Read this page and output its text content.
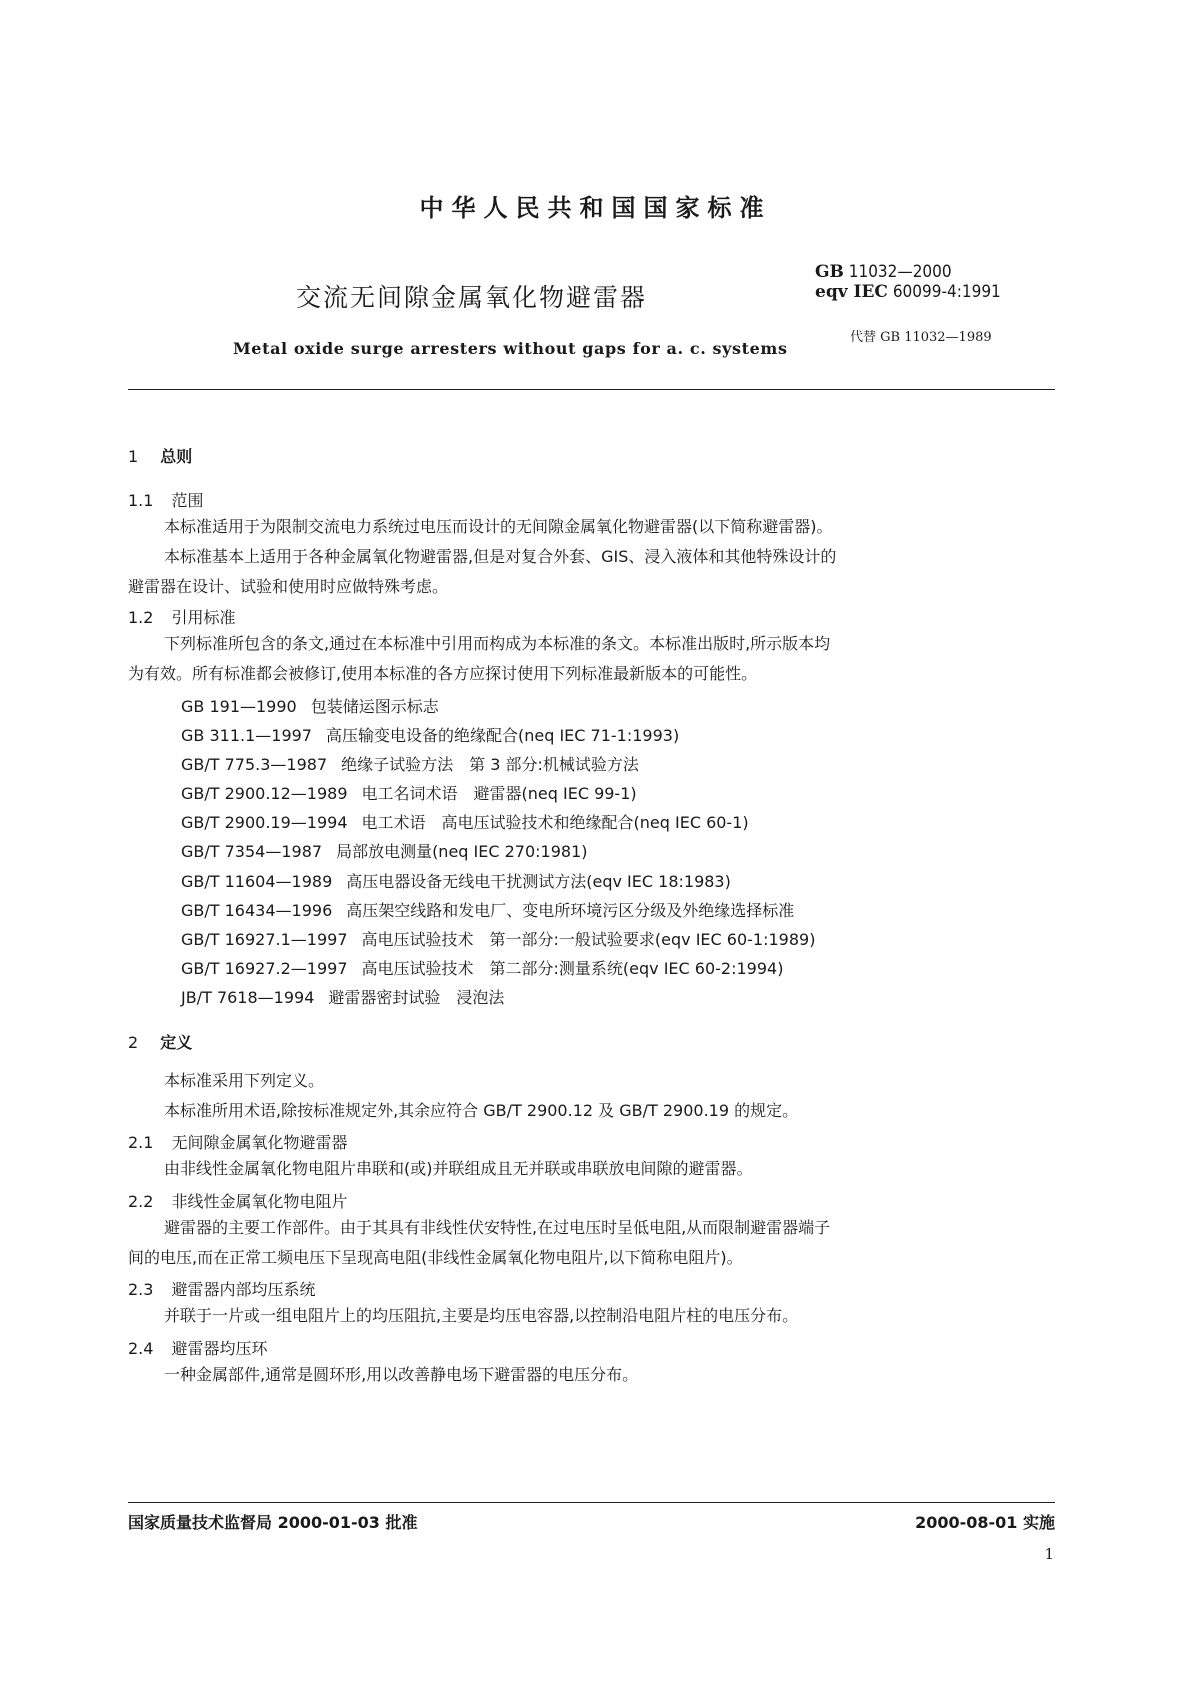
中华人民共和国国家标准
交流无间隙金属氧化物避雷器
Metal oxide surge arresters without gaps for a. c. systems
GB 11032—2000
eqv IEC 60099-4:1991
代替 GB 11032—1989
1 总则
1.1 范围
本标准适用于为限制交流电力系统过电压而设计的无间隙金属氧化物避雷器(以下简称避雷器)。
本标准基本上适用于各种金属氧化物避雷器,但是对复合外套、GIS、浸入液体和其他特殊设计的
避雷器在设计、试验和使用时应做特殊考虑。
1.2 引用标准
下列标准所包含的条文,通过在本标准中引用而构成为本标准的条文。本标准出版时,所示版本均
为有效。所有标准都会被修订,使用本标准的各方应探讨使用下列标准最新版本的可能性。
GB 191—1990 包装储运图示标志
GB 311.1—1997 高压输变电设备的绝缘配合(neq IEC 71-1:1993)
GB/T 775.3—1987 绝缘子试验方法　第 3 部分:机械试验方法
GB/T 2900.12—1989 电工名词术语　避雷器(neq IEC 99-1)
GB/T 2900.19—1994 电工术语　高电压试验技术和绝缘配合(neq IEC 60-1)
GB/T 7354—1987 局部放电测量(neq IEC 270:1981)
GB/T 11604—1989 高压电器设备无线电干扰测试方法(eqv IEC 18:1983)
GB/T 16434—1996 高压架空线路和发电厂、变电所环境污区分级及外绝缘选择标准
GB/T 16927.1—1997 高电压试验技术　第一部分:一般试验要求(eqv IEC 60-1:1989)
GB/T 16927.2—1997 高电压试验技术　第二部分:测量系统(eqv IEC 60-2:1994)
JB/T 7618—1994 避雷器密封试验　浸泡法
2 定义
本标准采用下列定义。
本标准所用术语,除按标准规定外,其余应符合 GB/T 2900.12 及 GB/T 2900.19 的规定。
2.1 无间隙金属氧化物避雷器
由非线性金属氧化物电阻片串联和(或)并联组成且无并联或串联放电间隙的避雷器。
2.2 非线性金属氧化物电阻片
避雷器的主要工作部件。由于其具有非线性伏安特性,在过电压时呈低电阻,从而限制避雷器端子
间的电压,而在正常工频电压下呈现高电阻(非线性金属氧化物电阻片,以下简称电阻片)。
2.3 避雷器内部均压系统
并联于一片或一组电阻片上的均压阻抗,主要是均压电容器,以控制沿电阻片柱的电压分布。
2.4 避雷器均压环
一种金属部件,通常是圆环形,用以改善静电场下避雷器的电压分布。
国家质量技术监督局 2000-01-03 批准	2000-08-01 实施
1
